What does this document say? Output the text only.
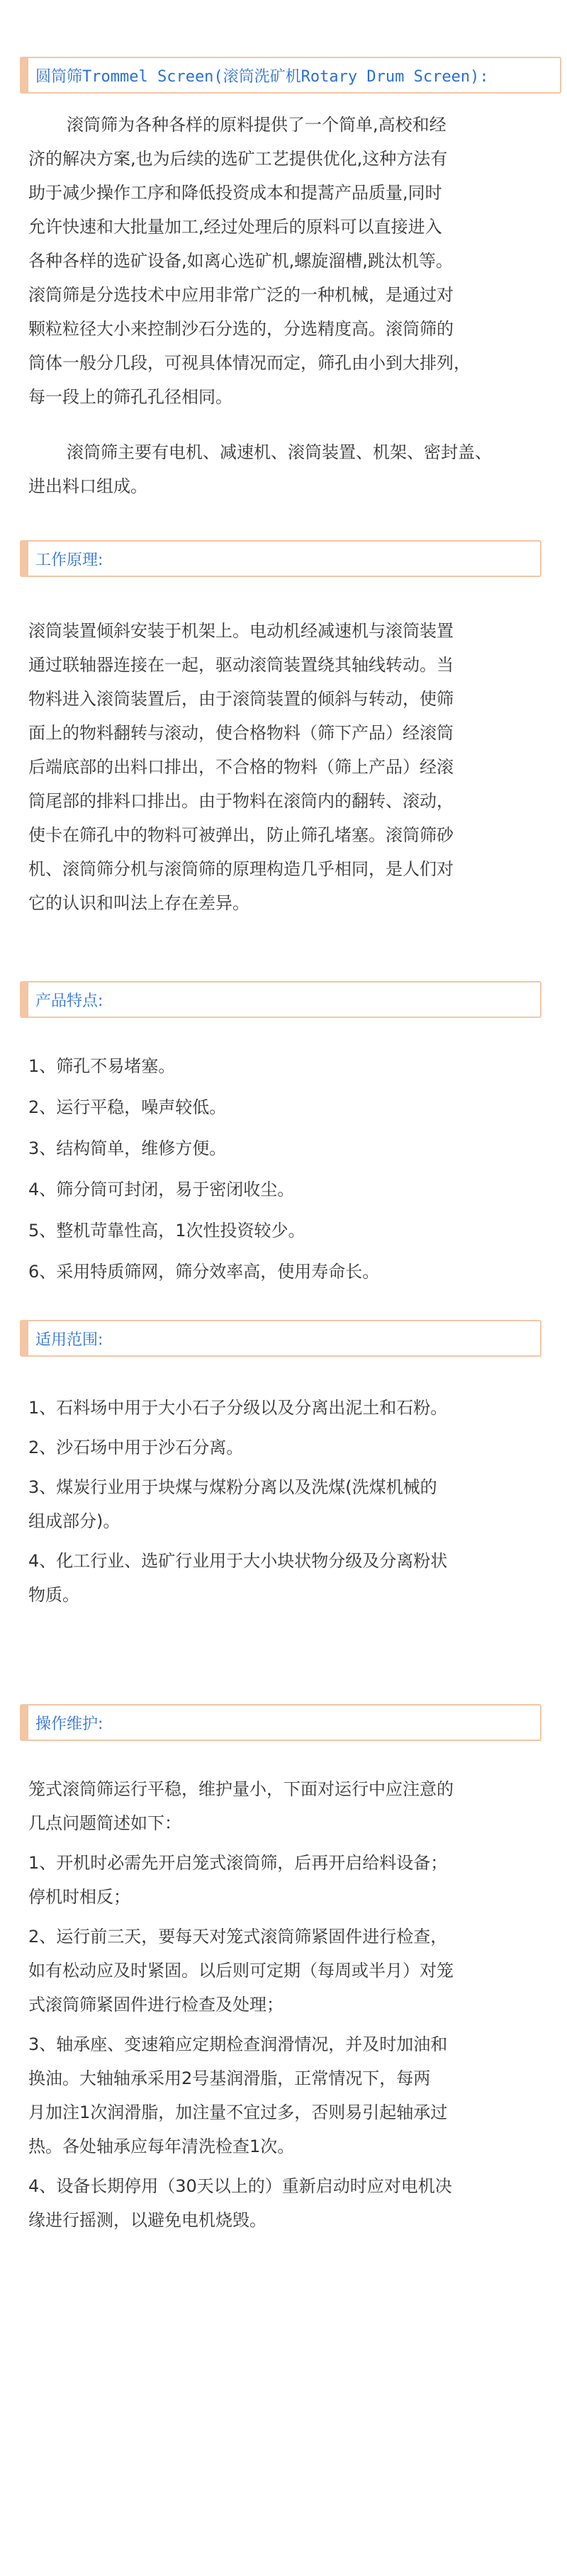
圆筒筛Trommel Screen(滚筒洗矿机Rotary Drum Screen):
滚筒筛为各种各样的原料提供了一个简单,高校和经
济的解决方案,也为后续的选矿工艺提供优化,这种方法有
助于减少操作工序和降低投资成本和提蒿产品质量,同时
允许快速和大批量加工,经过处理后的原料可以直接进入
各种各样的选矿设备,如离心选矿机,螺旋溜槽,跳汰机等。
滚筒筛是分选技术中应用非常广泛的一种机械，是通过对
颗粒粒径大小来控制沙石分选的，分选精度高。滚筒筛的
筒体一般分几段，可视具体情况而定，筛孔由小到大排列，
每一段上的筛孔孔径相同。
滚筒筛主要有电机、减速机、滚筒装置、机架、密封盖、
进出料口组成。
工作原理:
滚筒装置倾斜安装于机架上。电动机经减速机与滚筒装置
通过联轴器连接在一起，驱动滚筒装置绕其轴线转动。当
物料进入滚筒装置后，由于滚筒装置的倾斜与转动，使筛
面上的物料翻转与滚动，使合格物料（筛下产品）经滚筒
后端底部的出料口排出，不合格的物料（筛上产品）经滚
筒尾部的排料口排出。由于物料在滚筒内的翻转、滚动，
使卡在筛孔中的物料可被弹出，防止筛孔堵塞。滚筒筛砂
机、滚筒筛分机与滚筒筛的原理构造几乎相同，是人们对
它的认识和叫法上存在差异。
产品特点:
1、筛孔不易堵塞。
2、运行平稳，噪声较低。
3、结构简单，维修方便。
4、筛分筒可封闭，易于密闭收尘。
5、整机苛靠性高，1次性投资较少。
6、采用特质筛网，筛分效率高，使用寿命长。
适用范围:
1、石料场中用于大小石子分级以及分离出泥土和石粉。
2、沙石场中用于沙石分离。
3、煤炭行业用于块煤与煤粉分离以及洗煤(洗煤机械的
组成部分)。
4、化工行业、选矿行业用于大小块状物分级及分离粉状
物质。
操作维护:
笼式滚筒筛运行平稳，维护量小，下面对运行中应注意的
几点问题简述如下：
1、开机时必需先开启笼式滚筒筛，后再开启给料设备；
停机时相反；
2、运行前三天，要每天对笼式滚筒筛紧固件进行检查，
如有松动应及时紧固。以后则可定期（每周或半月）对笼
式滚筒筛紧固件进行检查及处理；
3、轴承座、变速箱应定期检查润滑情况，并及时加油和
换油。大轴轴承采用2号基润滑脂，正常情况下，每两
月加注1次润滑脂，加注量不宜过多，否则易引起轴承过
热。各处轴承应每年清洗检查1次。
4、设备长期停用（30天以上的）重新启动时应对电机决
缘进行摇测，以避免电机烧毁。
